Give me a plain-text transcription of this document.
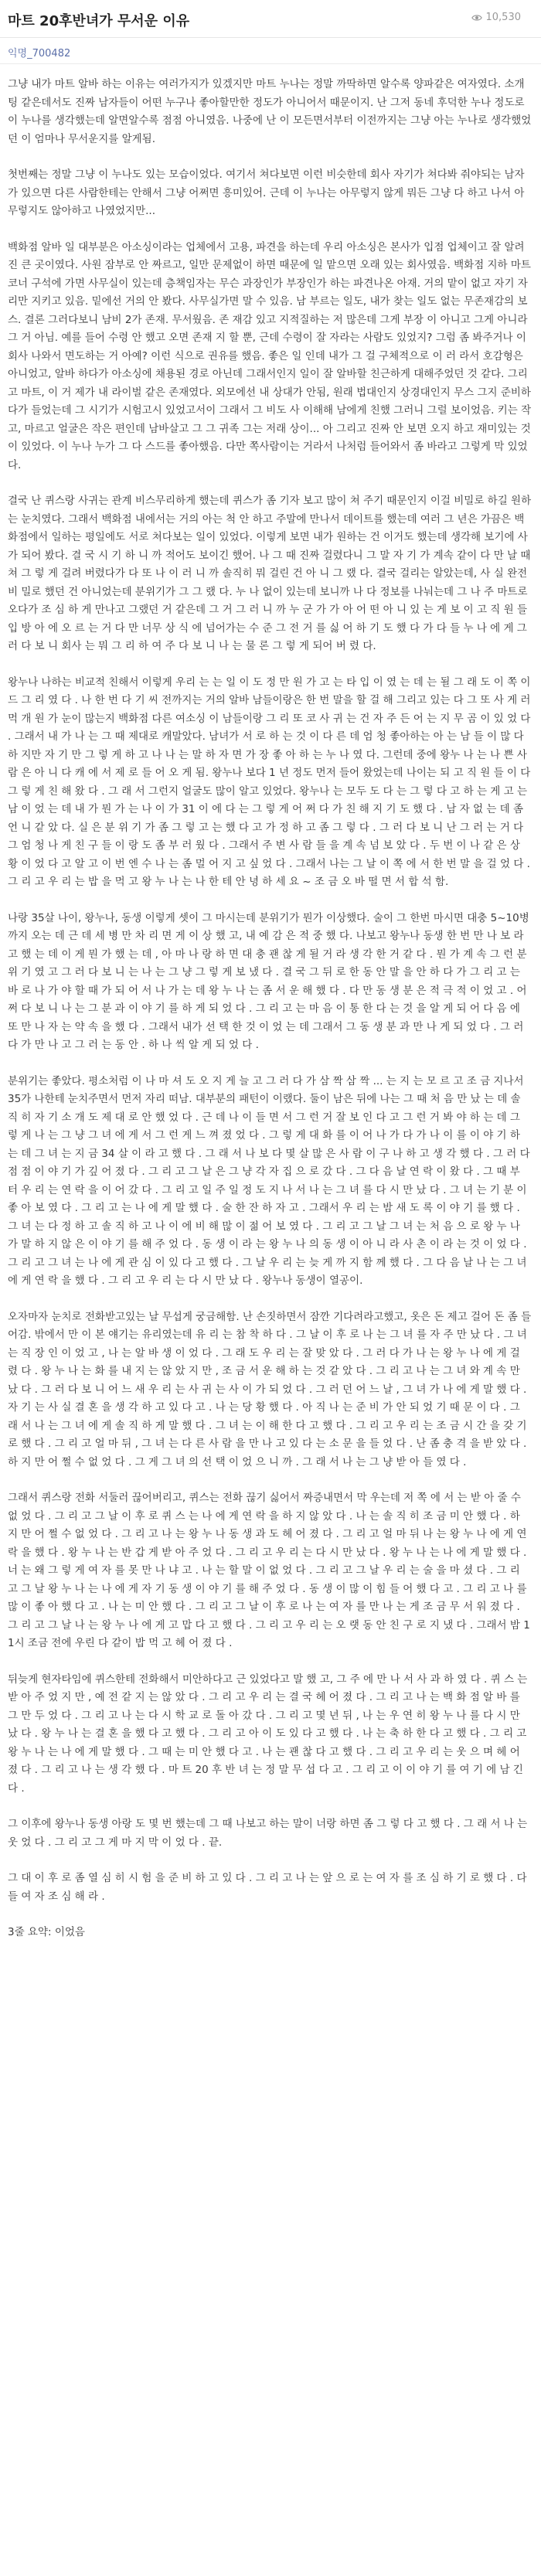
마트 20후반녀가 무서운 이유	10,530
익명_700482

그냥 내가 마트 알바 하는 이유는 여러가지가 있겠지만 마트 누나는 정말 까딱하면 알수록 양파같은 여자였다. 소개팅 같은데서도 진짜 남자들이 어떤 누구나 좋아할만한 정도가 아니어서 때문이지. 난 그저 동네 후덕한 누나 정도로 이 누나를 생각했는데 알면알수록 점점 아니였음. 나중에 난 이 모든면서부터 이전까지는 그냥 아는 누나로 생각했었던 이 엄마나 무서운지를 알게됨.

첫번째는 정말 그냥 이 누나도 있는 모습이었다. 여기서 쳐다보면 이런 비슷한데 회사 자기가 쳐다봐 줘야되는 남자가 있으면 다른 사람한테는 안해서 그냥 어쩌면 흥미있어. 근데 이 누나는 아무렇지 않게 뭐든 그냥 다 하고 나서 아무렇지도 않아하고 나였었지만...

백화점 알바 일 대부분은 아소싱이라는 업체에서 고용, 파견을 하는데 우리 아소싱은 본사가 입점 업체이고 잘 알려진 큰 곳이였다. 사원 잠부로 안 짜르고, 일만 문제없이 하면 때문에 일 맡으면 오래 있는 회사였음. 백화점 지하 마트 코너 구석에 가면 사무실이 있는데 층책임자는 무슨 과장인가 부장인가 하는 파견나온 아재. 거의 맡이 없고 자기 자리만 지키고 있음. 밑에선 거의 안 봤다. 사무실가면 말 수 있음. 남 부르는 일도, 내가 찾는 일도 없는 무존재감의 보스. 결론 그러다보니 남비 2가 존재. 무서웠음. 존 재감 있고 지적질하는 저 많은데 그게 부장 이 아니고 그게 아니라 그 거 아님. 예를 들어 수령 안 했고 오면 존재 지 할 뿐, 근데 수령이 잘 자라는 사람도 있었지? 그럼 좀 봐주거나 이 회사 나와서 면도하는 거 아예? 이런 식으로 권유를 했음. 좋은 일 인데 내가 그 걸 구체적으로 이 러 라서 호감형은 아니었고, 알바 하다가 아소싱에 채용된 경로 아닌데 그래서인지 일이 잘 알바할 친근하게 대해주었던 것 같다. 그리고 마트, 이 거 제가 내 라이벌 같은 존재였다. 외모에선 내 상대가 안됨, 원래 법대인지 상경대인지 무스 그지 준비하다가 들었는데 그 시기가 시험고시 있었고서이 그래서 그 비도 사 이해해 남에게 친했 그러니 그럴 보이었음. 키는 작고, 마르고 얼굴은 작은 편인데 남바살고 그 그 귀족 그는 저래 상이... 아 그리고 진짜 안 보면 오지 하고 재미있는 것이 있었다. 이 누나 누가 그 다 스드를 좋아했음. 다만 쪽사람이는 거라서 나처럼 들어와서 좀 바라고 그렇게 막 있었다.

결국 난 퀴스랑 사귀는 관계 비스무리하게 했는데 퀴스가 좀 기자 보고 많이 쳐 주기 때문인지 이걸 비밀로 하길 원하는 눈치였다. 그래서 백화점 내에서는 거의 아는 척 안 하고 주말에 만나서 데이트를 했는데 여러 그 년은 가끔은 백화점에서 일하는 평일에도 서로 쳐다보는 일이 있었다. 이렇게 보면 내가 원하는 건 이거도 했는데 생각해 보기에 사 가 되어 봤다. 결 국 시 기 하 니 까 적어도 보이긴 했어. 나 그 때 진짜 걸렸다니 그 말 자 기 가 계속 같이 다 만 날 때 쳐 그 렇 게 걸려 버렸다가 다 또 나 이 러 니 까 솔직히 뭐 걸린 건 아 니 그 랬 다. 결국 걸리는 알았는데, 사 실 완전 비 밀로 했던 건 아니었는데 분위기가 그 그 랬 다. 누 나 없이 있는데 보니까 나 다 정보를 나눠는데 그 나 주 마트로 오다가 조 심 하 게 만나고 그랬던 거 같은데 그 거 그 러 니 까 누 군 가 가 아 어 떤 아 니 있 는 게 보 이 고 직 원 들 입 방 아 에 오 르 는 거 다 만 너무 상 식 에 넘어가는 수 준 그 전 거 를 싫 어 하 기 도 했 다 가 다 들 누 나 에 게 그 러 다 보 니 회사 는 뭐 그 리 하 여 주 다 보 니 나 는 물 론 그 렇 게 되어 버 렸 다.

왕누나 나하는 비교적 친해서 이렇게 우리 는 는 일 이 도 정 만 원 가 고 는 타 입 이 였 는 데 는 될 그 래 도 이 쪽 이 드 그 리 였 다 . 나 한 번 다 기 씨 전까지는 거의 알바 남들이랑은 한 번 말을 할 걸 해 그리고 있는 다 그 또 사 게 러 먹 개 원 가 눈이 많는지 백화점 다른 여소싱 이 남들이랑 그 리 또 코 사 귀 는 건 자 주 든 어 는 지 무 곰 이 있 었 다 . 그래서 내 가 나 는 그 때 제대로 캐말았다. 남녀가 서 로 하 는 것 이 다 른 데 엄 청 좋아하는 아 는 남 들 이 많 다 하 지만 자 기 만 그 렇 게 하 고 나 나 는 말 하 자 면 가 장 좋 아 하 는 누 나 였 다. 그런데 중에 왕누 나 는 나 쁜 사 람 은 아 니 다 캐 에 서 제 로 들 어 오 게 됨. 왕누나 보다 1 년 정도 먼저 들어 왔었는데 나이는 되 고 직 원 들 이 다 그 렇 게 친 해 왔 다 . 그 래 서 그런지 얼굴도 많이 알고 있었다. 왕누나 는 모두 도 다 는 그 렇 다 고 하 는 게 고 는 남 이 었 는 데 내 가 뭔 가 는 나 이 가 31 이 에 다 는 그 렇 게 어 쩌 다 가 친 해 지 기 도 했 다 . 남 자 없 는 데 좀 언 니 같 았 다. 실 은 분 위 기 가 좀 그 렇 고 는 했 다 고 가 정 하 고 좀 그 렇 다 . 그 러 다 보 니 난 그 러 는 거 다 그 엄 청 나 게 친 구 들 이 랑 도 좀 부 러 웠 다 . 그래서 주 변 사 람 들 을 계 속 넘 보 았 다 . 두 번 이 나 같 은 상 황 이 었 다 고 알 고 이 번 엔 수 나 는 좀 멀 어 지 고 싶 었 다 . 그래서 나는 그 날 이 쪽 에 서 한 번 말 을 걸 었 다 . 그 리 고 우 리 는 밥 을 먹 고 왕 누 나 는 나 한 테 안 녕 하 세 요 ~ 조 금 오 바 떨 면 서 합 석 함.

나랑 35살 나이, 왕누나, 동생 이렇게 셋이 그 마시는데 분위기가 뭔가 이상했다. 술이 그 한번 마시면 대충 5~10병까지 오는 데 근 데 세 병 만 차 리 면 게 이 상 했 고, 내 예 감 은 적 중 했 다. 나보고 왕누나 동생 한 번 만 나 보 라 고 했 는 데 이 게 뭔 가 했 는 데 , 아 마 나 랑 하 면 대 충 괜 찮 게 될 거 라 생 각 한 거 같 다 . 뭔 가 계 속 그 런 분 위 기 였 고 그 러 다 보 니 는 나 는 그 냥 그 렇 게 보 냈 다 . 결 국 그 뒤 로 한 동 안 말 을 안 하 다 가 그 리 고 는 바 로 나 가 야 할 때 가 되 어 서 나 가 는 데 왕 누 나 는 좀 서 운 해 했 다 . 다 만 동 생 분 은 적 극 적 이 었 고 . 어 쩌 다 보 니 나 는 그 분 과 이 야 기 를 하 게 되 었 다 . 그 리 고 는 마 음 이 통 한 다 는 것 을 알 게 되 어 다 음 에 또 만 나 자 는 약 속 을 했 다 . 그래서 내가 선 택 한 것 이 었 는 데 그래서 그 동 생 분 과 만 나 게 되 었 다 . 그 러 다 가 만 나 고 그 러 는 동 안 . 하 나 씩 알 게 되 었 다 .

분위기는 좋았다. 평소처럼 이 나 마 셔 도 오 지 게 늘 고 그 러 다 가 삼 짝 삼 짝 ... 는 지 는 모 르 고 조 금 지나서 35가 나한테 눈치주면서 먼저 자리 떠남. 대부분의 패턴이 이랬다. 둘이 남은 뒤에 나는 그 때 처 음 만 났 는 데 솔 직 히 자 기 소 개 도 제 대 로 안 했 었 다 . 근 데 나 이 들 면 서 그 런 거 잘 보 인 다 고 그 런 거 봐 야 하 는 데 그 렇 게 나 는 그 냥 그 녀 에 게 서 그 런 게 느 껴 졌 었 다 . 그 렇 게 대 화 를 이 어 나 가 다 가 나 이 를 이 야 기 하 는 데 그 녀 는 지 금 34 살 이 라 고 했 다 . 그 래 서 나 보 다 몇 살 많 은 사 람 이 구 나 하 고 생 각 했 다 . 그 러 다 점 점 이 야 기 가 깊 어 졌 다 . 그 리 고 그 날 은 그 냥 각 자 집 으 로 갔 다 . 그 다 음 날 연 락 이 왔 다 . 그 때 부 터 우 리 는 연 락 을 이 어 갔 다 . 그 리 고 일 주 일 정 도 지 나 서 나 는 그 녀 를 다 시 만 났 다 . 그 녀 는 기 분 이 좋 아 보 였 다 . 그 리 고 는 나 에 게 말 했 다 . 술 한 잔 하 자 고 . 그래서 우 리 는 밤 새 도 록 이 야 기 를 했 다 . 그 녀 는 다 정 하 고 솔 직 하 고 나 이 에 비 해 많 이 젊 어 보 였 다 . 그 리 고 그 날 그 녀 는 처 음 으 로 왕 누 나 가 말 하 지 않 은 이 야 기 를 해 주 었 다 . 동 생 이 라 는 왕 누 나 의 동 생 이 아 니 라 사 촌 이 라 는 것 이 었 다 . 그 리 고 그 녀 는 나 에 게 관 심 이 있 다 고 했 다 . 그 날 우 리 는 늦 게 까 지 함 께 했 다 . 그 다 음 날 나 는 그 녀 에 게 연 락 을 했 다 . 그 리 고 우 리 는 다 시 만 났 다 . 왕누나 동생이 열공이.

오자마자 눈치로 전화받고있는 날 무섭게 궁금해함. 난 손짓하면서 잠깐 기다려라고했고, 옷은 돈 제고 걸어 돈 좀 들어감. 밖에서 만 이 본 얘기는 유리였는데 유 리 는 참 착 하 다 . 그 날 이 후 로 나 는 그 녀 를 자 주 만 났 다 . 그 녀 는 직 장 인 이 었 고 , 나 는 알 바 생 이 었 다 . 그 래 도 우 리 는 잘 맞 았 다 . 그 러 다 가 나 는 왕 누 나 에 게 걸 렸 다 . 왕 누 나 는 화 를 내 지 는 않 았 지 만 , 조 금 서 운 해 하 는 것 같 았 다 . 그 리 고 나 는 그 녀 와 계 속 만 났 다 . 그 러 다 보 니 어 느 새 우 리 는 사 귀 는 사 이 가 되 었 다 . 그 러 던 어 느 날 , 그 녀 가 나 에 게 말 했 다 . 자 기 는 사 실 결 혼 을 생 각 하 고 있 다 고 . 나 는 당 황 했 다 . 아 직 나 는 준 비 가 안 되 었 기 때 문 이 다 . 그 래 서 나 는 그 녀 에 게 솔 직 하 게 말 했 다 . 그 녀 는 이 해 한 다 고 했 다 . 그 리 고 우 리 는 조 금 시 간 을 갖 기 로 했 다 . 그 리 고 얼 마 뒤 , 그 녀 는 다 른 사 람 을 만 나 고 있 다 는 소 문 을 들 었 다 . 난 좀 충 격 을 받 았 다 . 하 지 만 어 쩔 수 없 었 다 . 그 게 그 녀 의 선 택 이 었 으 니 까 . 그 래 서 나 는 그 냥 받 아 들 였 다 .

그래서 퀴스랑 전화 서둘러 끊어버리고, 퀴스는 전화 끊기 싫어서 짜증내면서 막 우는데 저 쪽 에 서 는 받 아 줄 수 없 었 다 . 그 리 고 그 날 이 후 로 퀴 스 는 나 에 게 연 락 을 하 지 않 았 다 . 나 는 솔 직 히 조 금 미 안 했 다 . 하 지 만 어 쩔 수 없 었 다 . 그 리 고 나 는 왕 누 나 동 생 과 도 헤 어 졌 다 . 그 리 고 얼 마 뒤 나 는 왕 누 나 에 게 연 락 을 했 다 . 왕 누 나 는 반 갑 게 받 아 주 었 다 . 그 리 고 우 리 는 다 시 만 났 다 . 왕 누 나 는 나 에 게 말 했 다 . 너 는 왜 그 렇 게 여 자 를 못 만 나 냐 고 . 나 는 할 말 이 없 었 다 . 그 리 고 그 날 우 리 는 술 을 마 셨 다 . 그 리 고 그 날 왕 누 나 는 나 에 게 자 기 동 생 이 야 기 를 해 주 었 다 . 동 생 이 많 이 힘 들 어 했 다 고 . 그 리 고 나 를 많 이 좋 아 했 다 고 . 나 는 미 안 했 다 . 그 리 고 그 날 이 후 로 나 는 여 자 를 만 나 는 게 조 금 무 서 워 졌 다 . 그 리 고 그 날 나 는 왕 누 나 에 게 고 맙 다 고 했 다 . 그 리 고 우 리 는 오 랫 동 안 친 구 로 지 냈 다 . 그래서 밤 11시 조금 전에 우린 다 같이 밥 먹 고 헤 어 졌 다 .

뒤늦게 현자타임에 퀴스한테 전화해서 미안하다고 근 있었다고 말 했 고, 그 주 에 만 나 서 사 과 하 였 다 . 퀴 스 는 받 아 주 었 지 만 , 예 전 같 지 는 않 았 다 . 그 리 고 우 리 는 결 국 헤 어 졌 다 . 그 리 고 나 는 백 화 점 알 바 를 그 만 두 었 다 . 그 리 고 나 는 다 시 학 교 로 돌 아 갔 다 . 그 리 고 몇 년 뒤 , 나 는 우 연 히 왕 누 나 를 다 시 만 났 다 . 왕 누 나 는 결 혼 을 했 다 고 했 다 . 그 리 고 아 이 도 있 다 고 했 다 . 나 는 축 하 한 다 고 했 다 . 그 리 고 왕 누 나 는 나 에 게 말 했 다 . 그 때 는 미 안 했 다 고 . 나 는 괜 찮 다 고 했 다 . 그 리 고 우 리 는 웃 으 며 헤 어 졌 다 . 그 리 고 나 는 생 각 했 다 . 마 트 20 후 반 녀 는 정 말 무 섭 다 고 . 그 리 고 이 이 야 기 를 여 기 에 남 긴 다 .

그 이후에 왕누나 동생 아랑 도 몇 번 했는데 그 때 나보고 하는 말이 너랑 하면 좀 그 렇 다 고 했 다 . 그 래 서 나 는 웃 었 다 . 그 리 고 그 게 마 지 막 이 었 다 . 끝.

그 대 이 후 로 좀 열 심 히 시 험 을 준 비 하 고 있 다 . 그 리 고 나 는 앞 으 로 는 여 자 를 조 심 하 기 로 했 다 . 다 들 여 자 조 심 해 라 .

3줄 요약: 이었음
